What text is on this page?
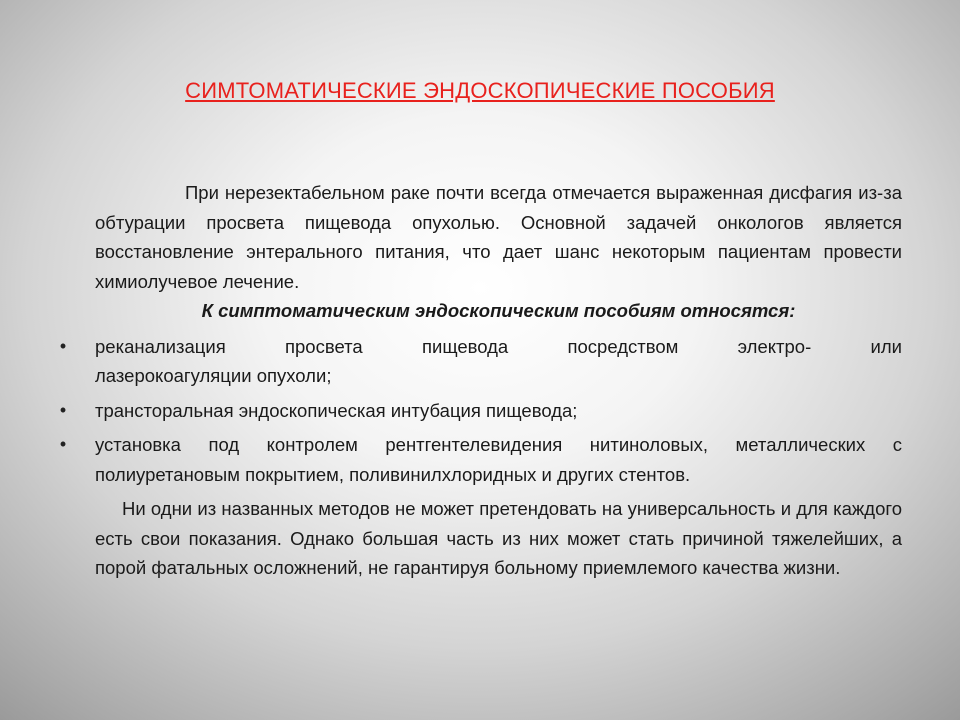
СИМТОМАТИЧЕСКИЕ ЭНДОСКОПИЧЕСКИЕ ПОСОБИЯ

При нерезектабельном раке почти всегда отмечается выраженная дисфагия из-за обтурации просвета пищевода опухолью. Основной задачей онкологов является восстановление энтерального питания, что дает шанс некоторым пациентам провести химиолучевое лечение.

К симптоматическим эндоскопическим пособиям относятся:

• реканализация просвета пищевода посредством электро- или
лазерокоагуляции опухоли;
• трансторальная эндоскопическая интубация пищевода;
• установка под контролем рентгентелевидения нитиноловых, металлических с полиуретановым покрытием, поливинилхлоридных и других стентов.

Ни одни из названных методов не может претендовать на универсальность и для каждого есть свои показания. Однако большая часть из них может стать причиной тяжелейших, а порой фатальных осложнений, не гарантируя больному приемлемого качества жизни.
